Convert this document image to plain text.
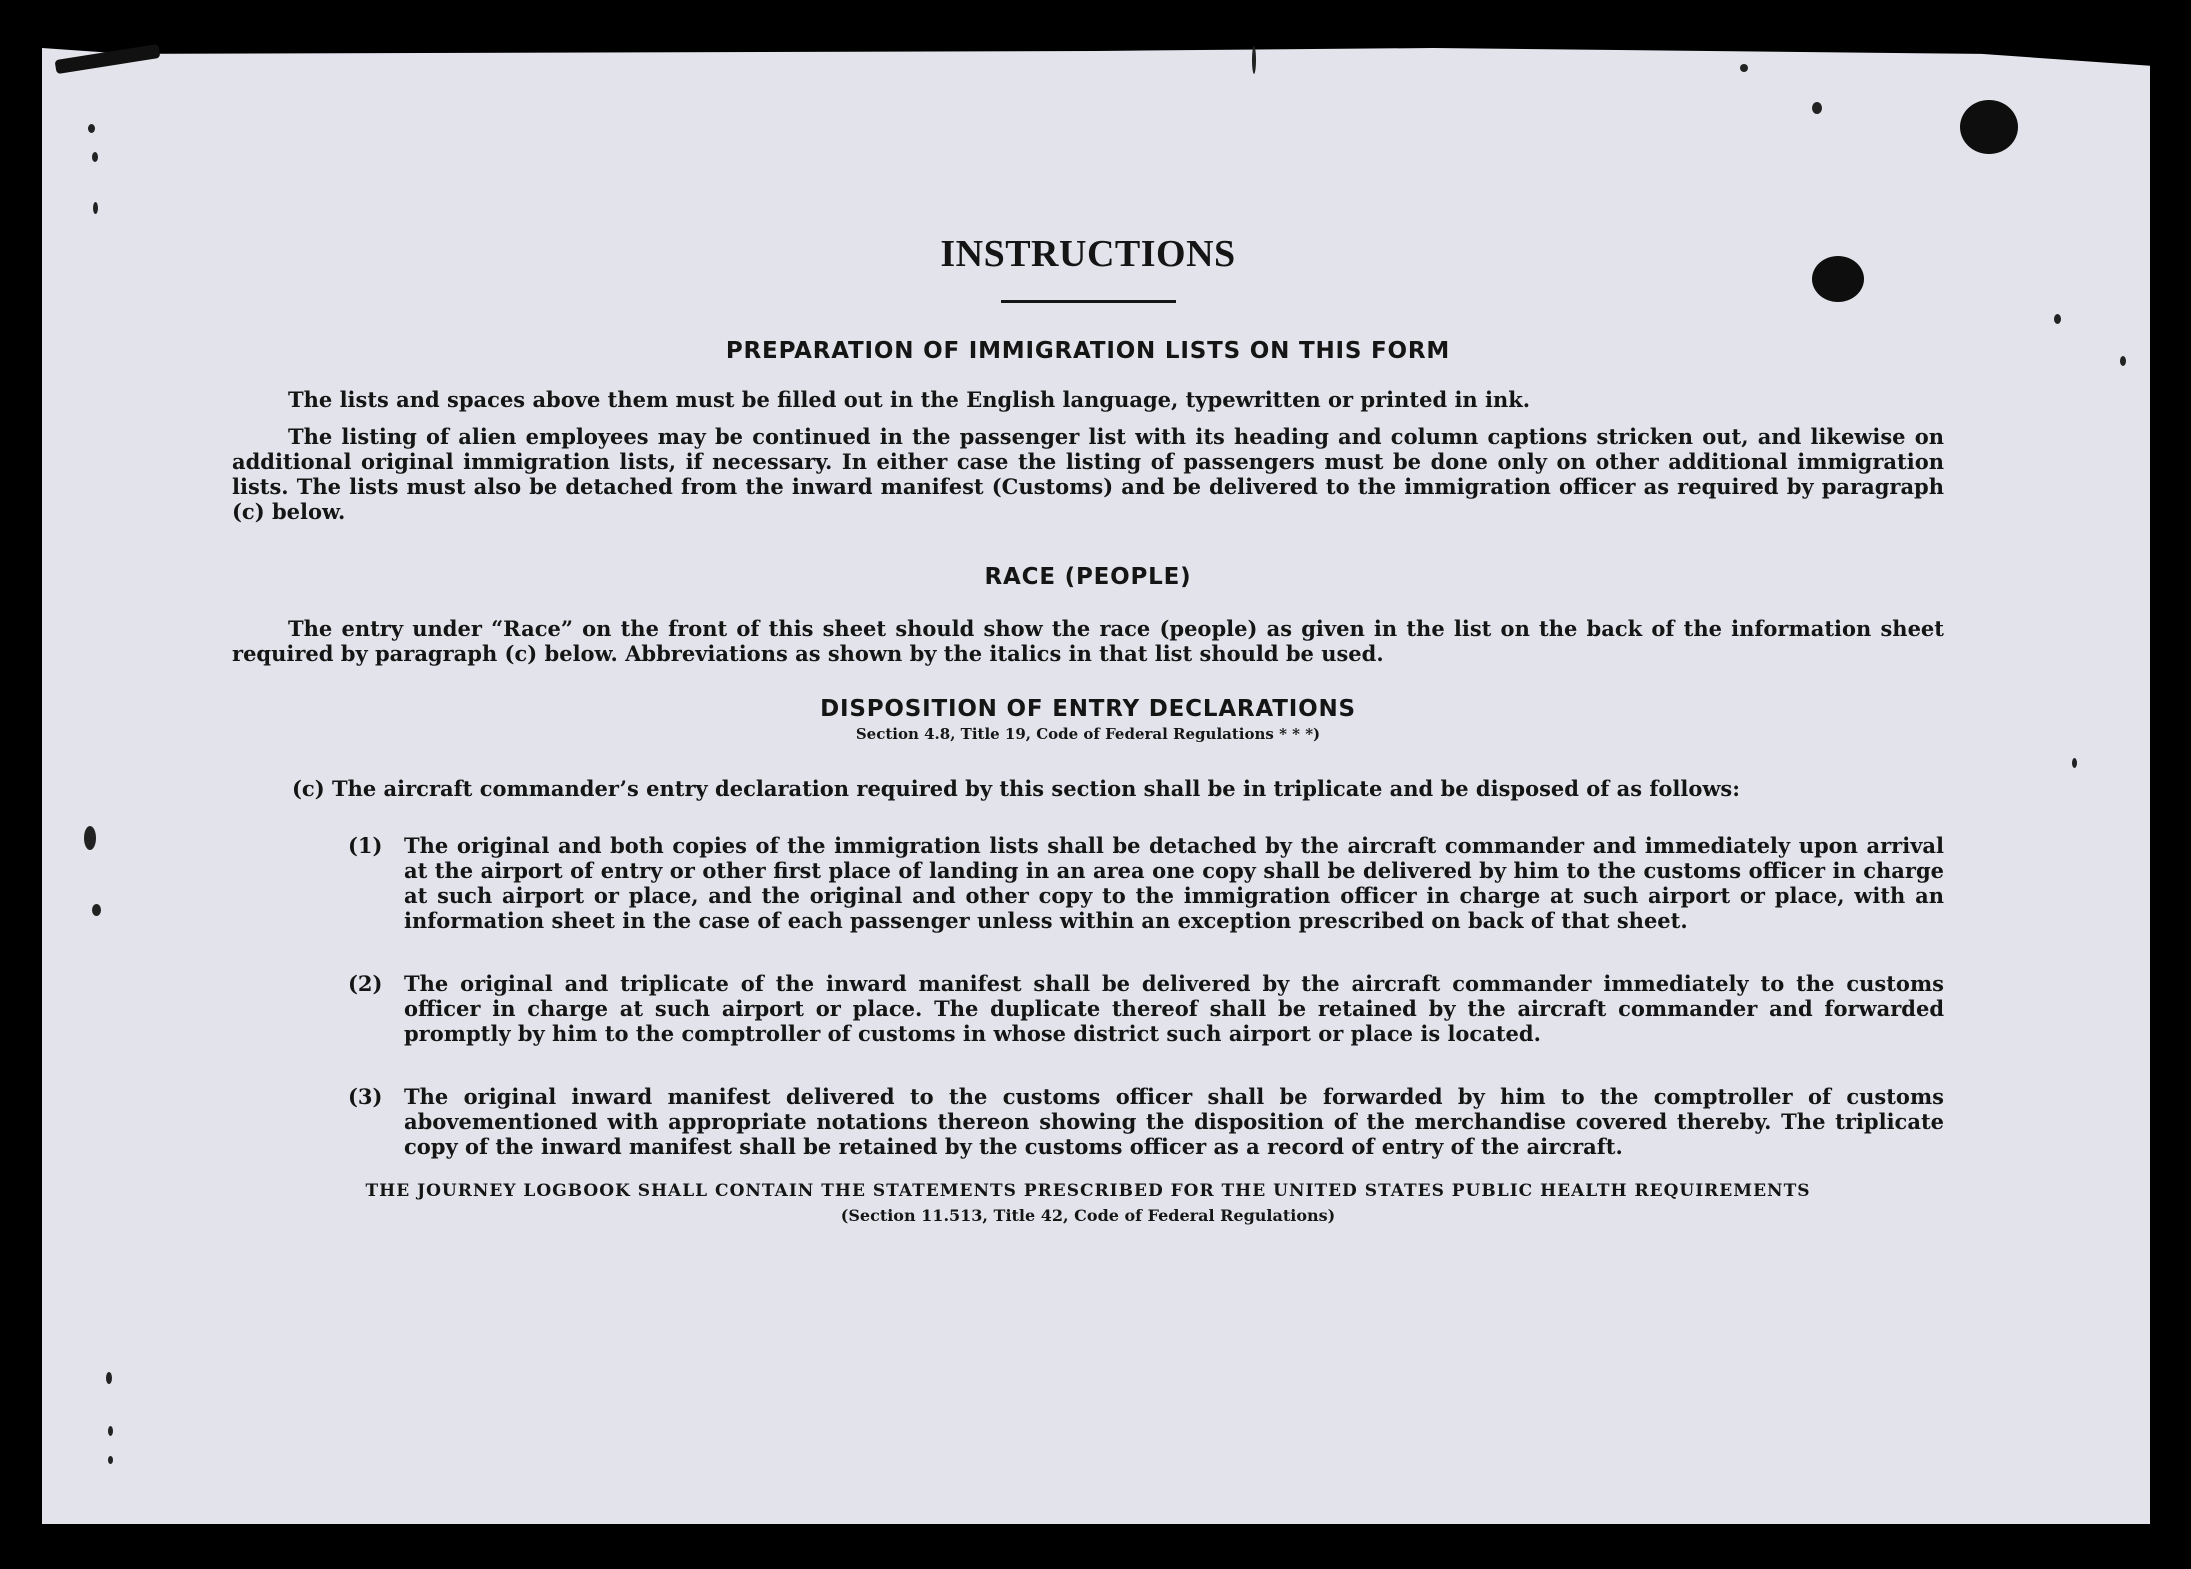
INSTRUCTIONS
PREPARATION OF IMMIGRATION LISTS ON THIS FORM

The lists and spaces above them must be filled out in the English language, typewritten or printed in ink.

The listing of alien employees may be continued in the passenger list with its heading and column captions stricken out, and likewise on additional original immigration lists, if necessary. In either case the listing of passengers must be done only on other additional immigration lists. The lists must also be detached from the inward manifest (Customs) and be delivered to the immigration officer as required by paragraph (c) below.

RACE (PEOPLE)

The entry under “Race” on the front of this sheet should show the race (people) as given in the list on the back of the information sheet required by paragraph (c) below. Abbreviations as shown by the italics in that list should be used.

DISPOSITION OF ENTRY DECLARATIONS
Section 4.8, Title 19, Code of Federal Regulations * * *)

(c) The aircraft commander’s entry declaration required by this section shall be in triplicate and be disposed of as follows:

(1) The original and both copies of the immigration lists shall be detached by the aircraft commander and immediately upon arrival at the airport of entry or other first place of landing in an area one copy shall be delivered by him to the customs officer in charge at such airport or place, and the original and other copy to the immigration officer in charge at such airport or place, with an information sheet in the case of each passenger unless within an exception prescribed on back of that sheet.

(2) The original and triplicate of the inward manifest shall be delivered by the aircraft commander immediately to the customs officer in charge at such airport or place. The duplicate thereof shall be retained by the aircraft commander and forwarded promptly by him to the comptroller of customs in whose district such airport or place is located.

(3) The original inward manifest delivered to the customs officer shall be forwarded by him to the comptroller of customs abovementioned with appropriate notations thereon showing the disposition of the merchandise covered thereby. The triplicate copy of the inward manifest shall be retained by the customs officer as a record of entry of the aircraft.

THE JOURNEY LOGBOOK SHALL CONTAIN THE STATEMENTS PRESCRIBED FOR THE UNITED STATES PUBLIC HEALTH REQUIREMENTS
(Section 11.513, Title 42, Code of Federal Regulations)
